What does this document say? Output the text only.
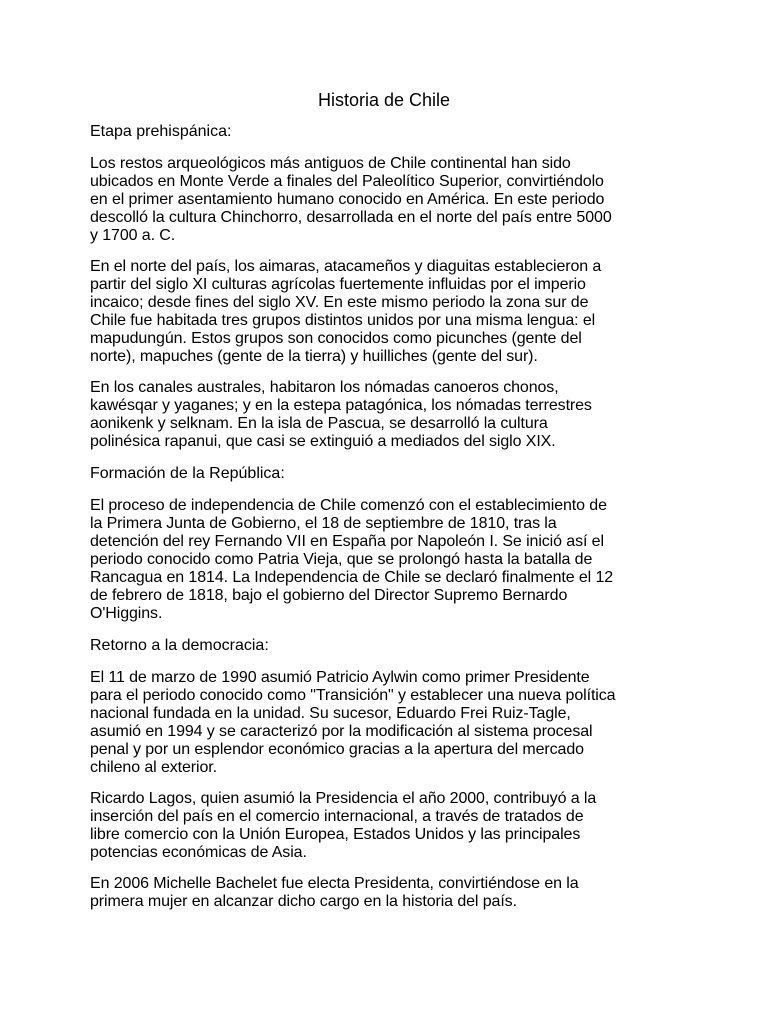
Historia de Chile
Etapa prehispánica:
Los restos arqueológicos más antiguos de Chile continental han sido
ubicados en Monte Verde a finales del Paleolítico Superior, convirtiéndolo
en el primer asentamiento humano conocido en América. En este periodo
descolló la cultura Chinchorro, desarrollada en el norte del país entre 5000
y 1700 a. C.
En el norte del país, los aimaras, atacameños y diaguitas establecieron a
partir del siglo XI culturas agrícolas fuertemente influidas por el imperio
incaico; desde fines del siglo XV. En este mismo periodo la zona sur de
Chile fue habitada tres grupos distintos unidos por una misma lengua: el
mapudungún. Estos grupos son conocidos como picunches (gente del
norte), mapuches (gente de la tierra) y huilliches (gente del sur).
En los canales australes, habitaron los nómadas canoeros chonos,
kawésqar y yaganes; y en la estepa patagónica, los nómadas terrestres
aonikenk y selknam. En la isla de Pascua, se desarrolló la cultura
polinésica rapanui, que casi se extinguió a mediados del siglo XIX.
Formación de la República:
El proceso de independencia de Chile comenzó con el establecimiento de
la Primera Junta de Gobierno, el 18 de septiembre de 1810, tras la
detención del rey Fernando VII en España por Napoleón I. Se inició así el
periodo conocido como Patria Vieja, que se prolongó hasta la batalla de
Rancagua en 1814. La Independencia de Chile se declaró finalmente el 12
de febrero de 1818, bajo el gobierno del Director Supremo Bernardo
O'Higgins.
Retorno a la democracia:
El 11 de marzo de 1990 asumió Patricio Aylwin como primer Presidente
para el periodo conocido como "Transición" y establecer una nueva política
nacional fundada en la unidad. Su sucesor, Eduardo Frei Ruiz-Tagle,
asumió en 1994 y se caracterizó por la modificación al sistema procesal
penal y por un esplendor económico gracias a la apertura del mercado
chileno al exterior.
Ricardo Lagos, quien asumió la Presidencia el año 2000, contribuyó a la
inserción del país en el comercio internacional, a través de tratados de
libre comercio con la Unión Europea, Estados Unidos y las principales
potencias económicas de Asia.
En 2006 Michelle Bachelet fue electa Presidenta, convirtiéndose en la
primera mujer en alcanzar dicho cargo en la historia del país.
